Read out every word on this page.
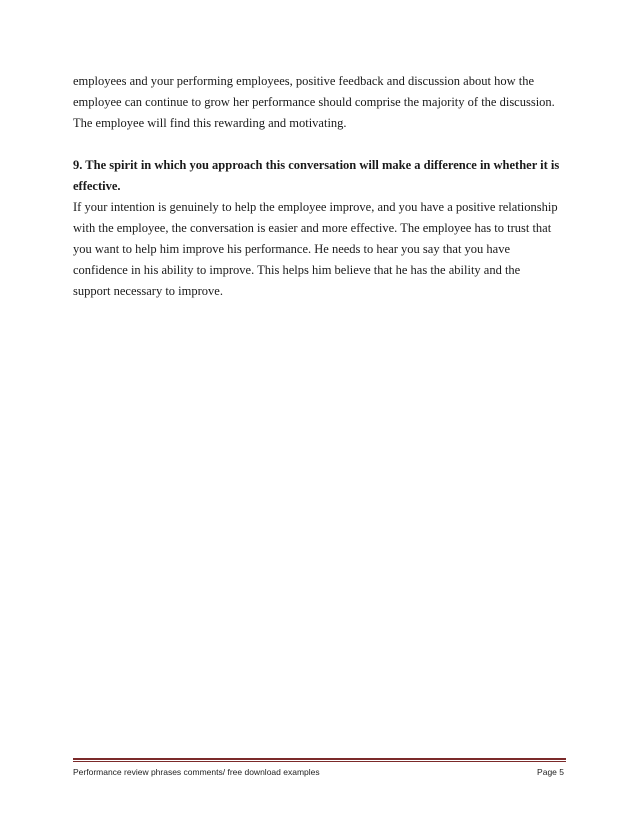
employees and your performing employees, positive feedback and discussion about how the
employee can continue to grow her performance should comprise the majority of the discussion.
The employee will find this rewarding and motivating.
9. The spirit in which you approach this conversation will make a difference in whether it is
effective.
If your intention is genuinely to help the employee improve, and you have a positive relationship
with the employee, the conversation is easier and more effective. The employee has to trust that
you want to help him improve his performance. He needs to hear you say that you have
confidence in his ability to improve. This helps him believe that he has the ability and the
support necessary to improve.
Performance review phrases comments/ free download examples	Page 5
